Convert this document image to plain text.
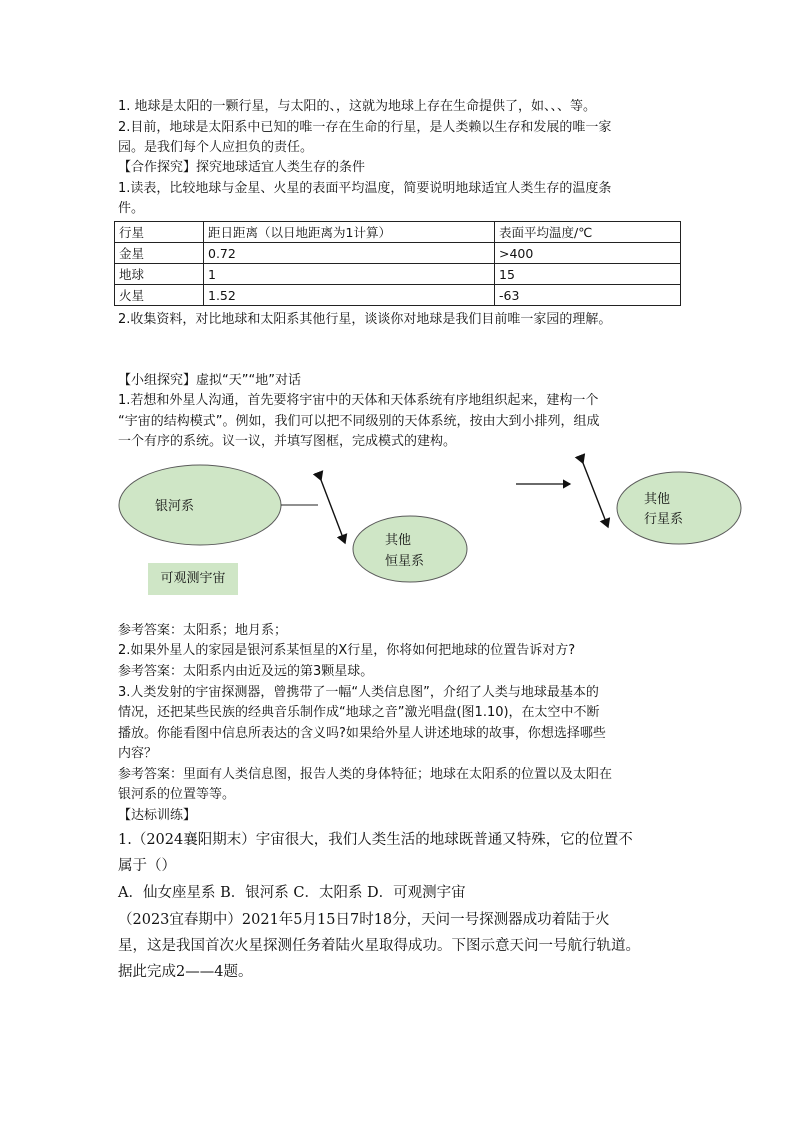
1. 地球是太阳的一颗行星，与太阳的、，这就为地球上存在生命提供了，如、、、等。
2.目前，地球是太阳系中已知的唯一存在生命的行星，是人类赖以生存和发展的唯一家
园。是我们每个人应担负的责任。
【合作探究】探究地球适宜人类生存的条件
1.读表，比较地球与金星、火星的表面平均温度，简要说明地球适宜人类生存的温度条
件。
行星	距日距离（以日地距离为1计算）	表面平均温度/℃
金星	0.72	>400
地球	1	15
火星	1.52	-63
2.收集资料，对比地球和太阳系其他行星，谈谈你对地球是我们目前唯一家园的理解。
【小组探究】虚拟“天”“地”对话
1.若想和外星人沟通，首先要将宇宙中的天体和天体系统有序地组织起来，建构一个
“宇宙的结构模式”。例如，我们可以把不同级别的天体系统，按由大到小排列，组成
一个有序的系统。议一议，并填写图框，完成模式的建构。
银河系
其他
恒星系
其他
行星系
可观测宇宙
参考答案：太阳系；地月系；
2.如果外星人的家园是银河系某恒星的X行星，你将如何把地球的位置告诉对方?
参考答案：太阳系内由近及远的第3颗星球。
3.人类发射的宇宙探测器，曾携带了一幅“人类信息图”，介绍了人类与地球最基本的
情况，还把某些民族的经典音乐制作成“地球之音”激光唱盘(图1.10)，在太空中不断
播放。你能看图中信息所表达的含义吗?如果给外星人讲述地球的故事，你想选择哪些
内容？
参考答案：里面有人类信息图，报告人类的身体特征；地球在太阳系的位置以及太阳在
银河系的位置等等。
【达标训练】
1.（2024襄阳期末）宇宙很大，我们人类生活的地球既普通又特殊，它的位置不
属于（）
A．仙女座星系 B．银河系 C．太阳系 D．可观测宇宙
（2023宜春期中）2021年5月15日7时18分，天问一号探测器成功着陆于火
星，这是我国首次火星探测任务着陆火星取得成功。下图示意天问一号航行轨道。
据此完成2——4题。
